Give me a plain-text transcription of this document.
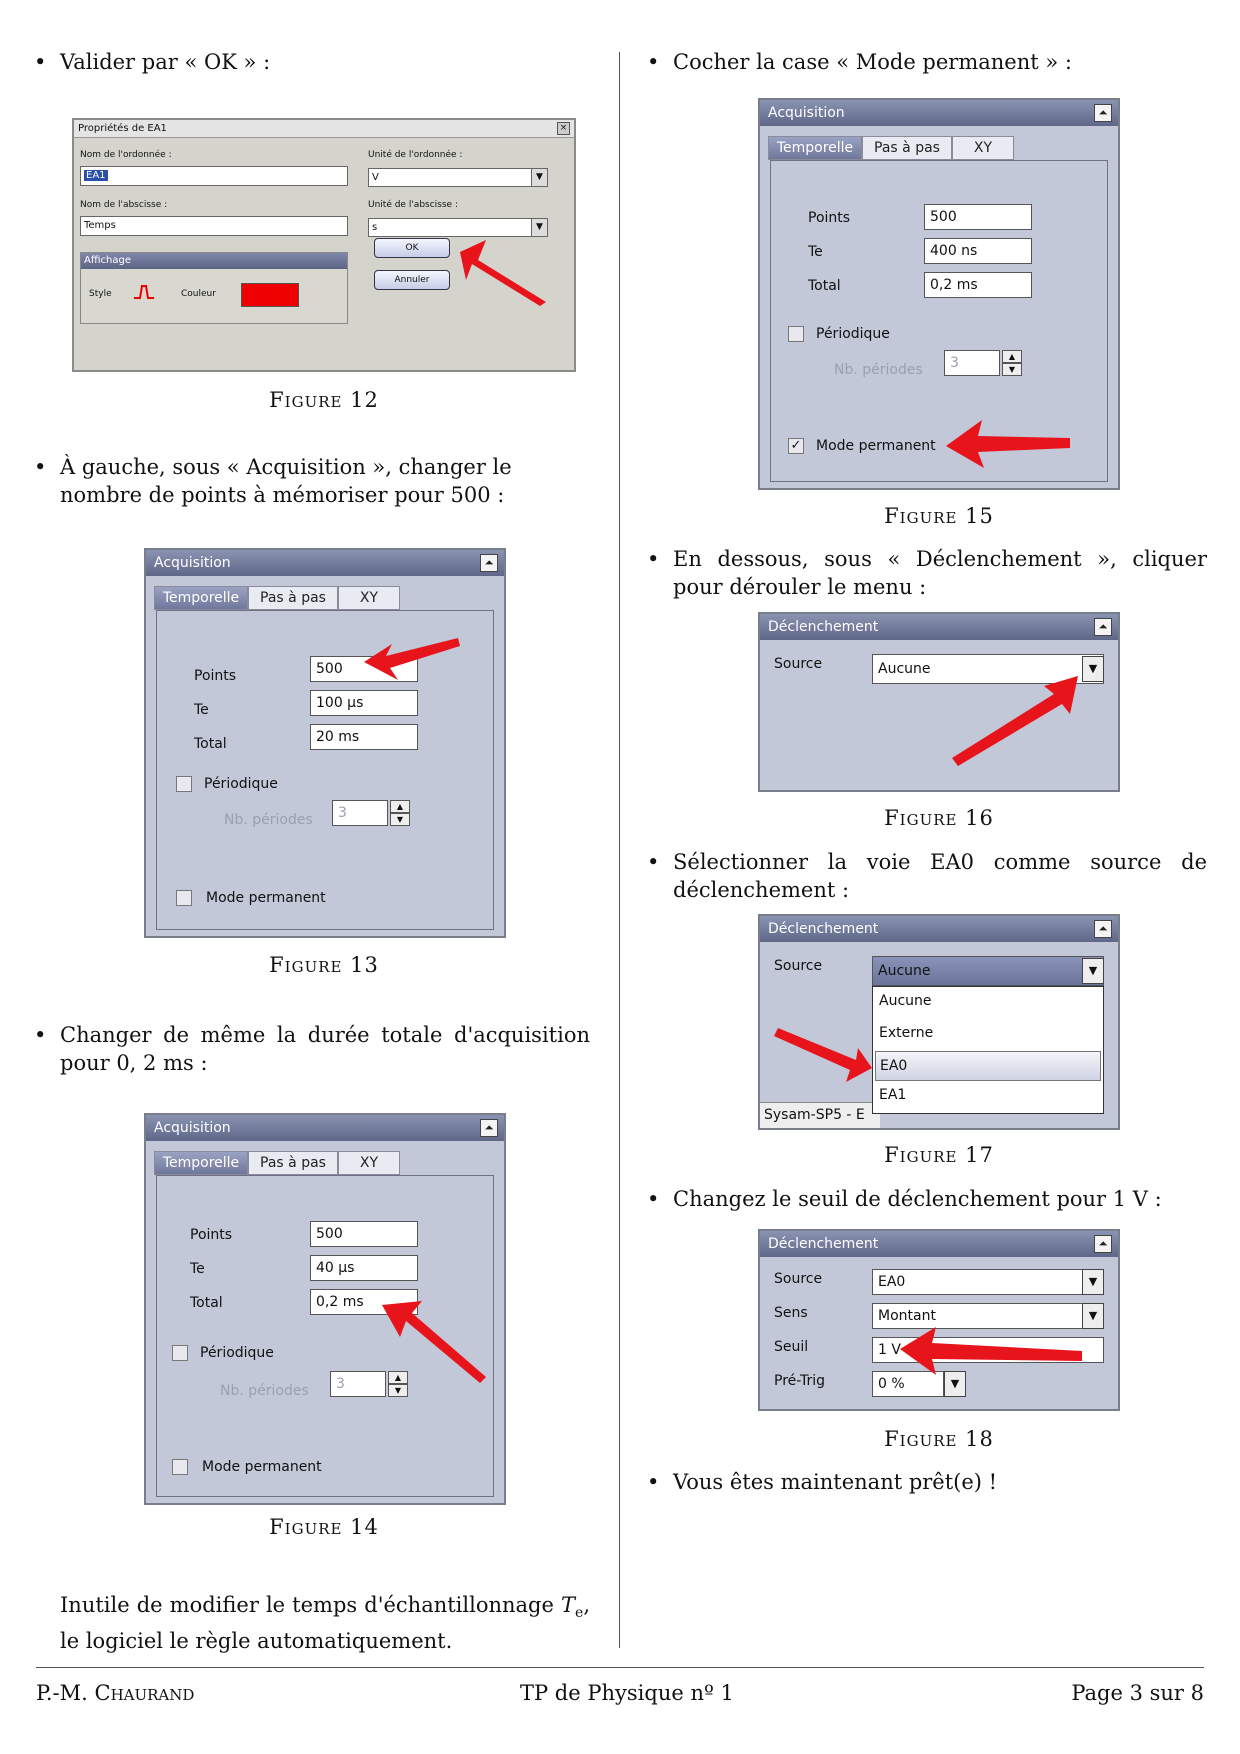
• Valider par « OK » :
Propriétés de EA1	×
Nom de l'ordonnée :
EA1
Unité de l'ordonnée :
V	▼
Nom de l'abscisse :
Temps
Unité de l'abscisse :
s	▼
Affichage
Style	Couleur
OK
Annuler
Figure 12
• À gauche, sous « Acquisition », changer le nombre de points à mémoriser pour 500 :
Acquisition	⏶
Temporelle	Pas à pas	XY
Points	500
Te	100 µs
Total	20 ms
Périodique
Nb. périodes	3	▲
▼
Mode permanent
Figure 13
• Changer de même la durée totale d'acquisition pour 0, 2 ms :
Acquisition	⏶
Temporelle	Pas à pas	XY
Points	500
Te	40 µs
Total	0,2 ms
Périodique
Nb. périodes	3	▲
▼
Mode permanent
Figure 14
Inutile de modifier le temps d'échantillonnage $T_e$, le logiciel le règle automatiquement.
• Cocher la case « Mode permanent » :
Acquisition	⏶
Temporelle	Pas à pas	XY
Points	500
Te	400 ns
Total	0,2 ms
Périodique
Nb. périodes	3	▲
▼
✓ Mode permanent
Figure 15
• En dessous, sous « Déclenchement », cliquer pour dérouler le menu :
Déclenchement	⏶
Source	Aucune	▼
Figure 16
• Sélectionner la voie EA0 comme source de déclenchement :
Déclenchement	⏶
Source	Aucune	▼
Sysam-SP5 - E
Aucune
Externe
EA0
EA1
Figure 17
• Changez le seuil de déclenchement pour 1 V :
Déclenchement	⏶
Source	EA0	▼
Sens	Montant	▼
Seuil	1 V
Pré-Trig	0 %	▼
Figure 18
• Vous êtes maintenant prêt(e) !
P.-M. Chaurand	TP de Physique nº 1	Page 3 sur 8
